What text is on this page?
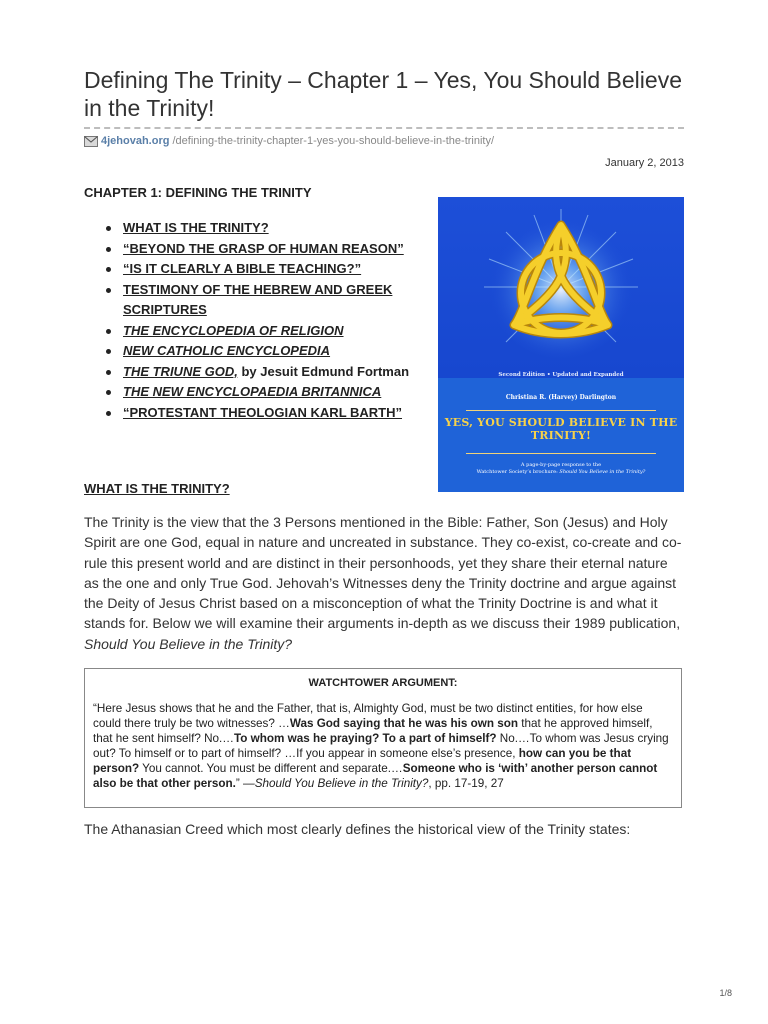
Defining The Trinity – Chapter 1 – Yes, You Should Believe in the Trinity!
4jehovah.org /defining-the-trinity-chapter-1-yes-you-should-believe-in-the-trinity/
January 2, 2013
CHAPTER 1: DEFINING THE TRINITY
WHAT IS THE TRINITY?
“BEYOND THE GRASP OF HUMAN REASON”
“IS IT CLEARLY A BIBLE TEACHING?”
TESTIMONY OF THE HEBREW AND GREEK SCRIPTURES
THE ENCYCLOPEDIA OF RELIGION
NEW CATHOLIC ENCYCLOPEDIA
THE TRIUNE GOD, by Jesuit Edmund Fortman
THE NEW ENCYCLOPAEDIA BRITANNICA
“PROTESTANT THEOLOGIAN KARL BARTH”
Second Edition • Updated and Expanded
Christina R. (Harvey) Darlington
YES, YOU SHOULD BELIEVE IN THE TRINITY!
A page-by-page response to the
Watchtower Society’s brochure: Should You Believe in the Trinity?
WHAT IS THE TRINITY?

The Trinity is the view that the 3 Persons mentioned in the Bible: Father, Son (Jesus) and Holy Spirit are one God, equal in nature and uncreated in substance. They co-exist, co-create and co-rule this present world and are distinct in their personhoods, yet they share their eternal nature as the one and only True God. Jehovah’s Witnesses deny the Trinity doctrine and argue against the Deity of Jesus Christ based on a misconception of what the Trinity Doctrine is and what it stands for. Below we will examine their arguments in-depth as we discuss their 1989 publication, Should You Believe in the Trinity?

WATCHTOWER ARGUMENT:
“Here Jesus shows that he and the Father, that is, Almighty God, must be two distinct entities, for how else could there truly be two witnesses? …Was God saying that he was his own son that he approved himself, that he sent himself? No.…To whom was he praying? To a part of himself? No.…To whom was Jesus crying out? To himself or to part of himself? …If you appear in someone else’s presence, how can you be that person? You cannot. You must be different and separate.…Someone who is ‘with’ another person cannot also be that other person.” —Should You Believe in the Trinity?, pp. 17-19, 27
The Athanasian Creed which most clearly defines the historical view of the Trinity states:
1/8
